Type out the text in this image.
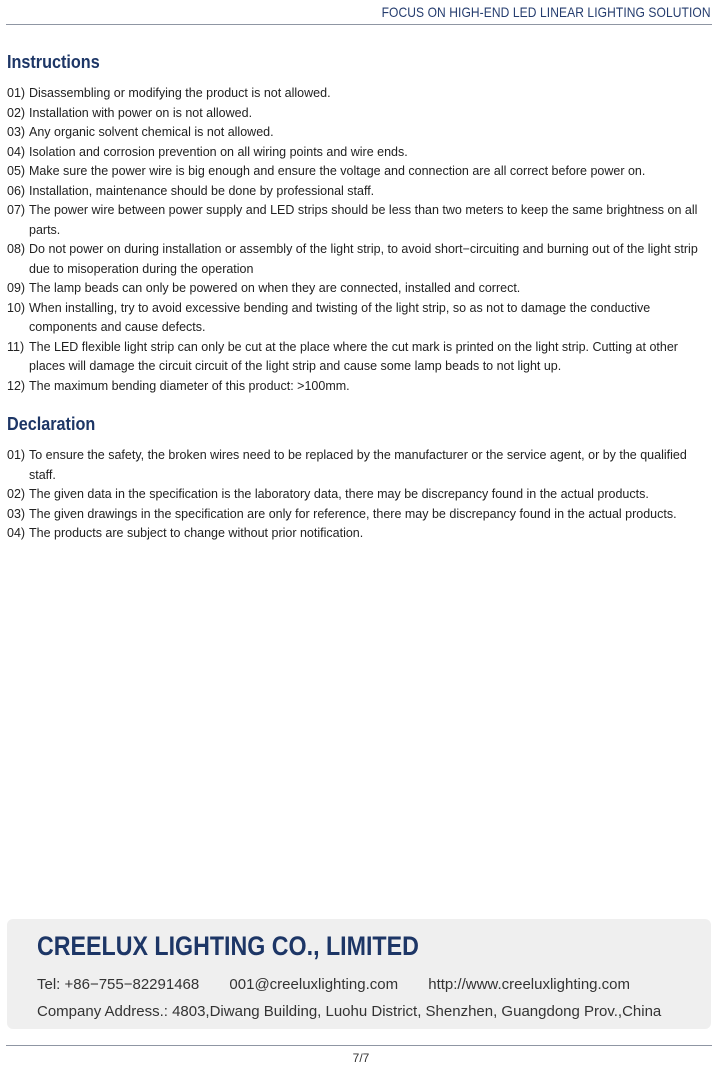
FOCUS ON HIGH-END LED LINEAR LIGHTING SOLUTION
Instructions
01) Disassembling or modifying the product is not allowed.
02) Installation with power on is not allowed.
03) Any organic solvent chemical is not allowed.
04) Isolation and corrosion prevention on all wiring points and wire ends.
05) Make sure the power wire is big enough and ensure the voltage and connection are all correct before power on.
06) Installation, maintenance should be done by professional staff.
07) The power wire between power supply and LED strips should be less than two meters to keep the same brightness on all parts.
08) Do not power on during installation or assembly of the light strip, to avoid short−circuiting and burning out of the light strip due to misoperation during the operation
09) The lamp beads can only be powered on when they are connected, installed and correct.
10) When installing, try to avoid excessive bending and twisting of the light strip, so as not to damage the conductive components and cause defects.
11) The LED flexible light strip can only be cut at the place where the cut mark is printed on the light strip. Cutting at other places will damage the circuit circuit of the light strip and cause some lamp beads to not light up.
12) The maximum bending diameter of this product: >100mm.
Declaration
01) To ensure the safety, the broken wires need to be replaced by the manufacturer or the service agent, or by the qualified staff.
02) The given data in the specification is the laboratory data, there may be discrepancy found in the actual products.
03) The given drawings in the specification are only for reference, there may be discrepancy found in the actual products.
04) The products are subject to change without prior notification.
CREELUX LIGHTING CO., LIMITED
Tel: +86−755−82291468 001@creeluxlighting.com http://www.creeluxlighting.com
Company Address.: 4803,Diwang Building, Luohu District, Shenzhen, Guangdong Prov.,China
7/7
